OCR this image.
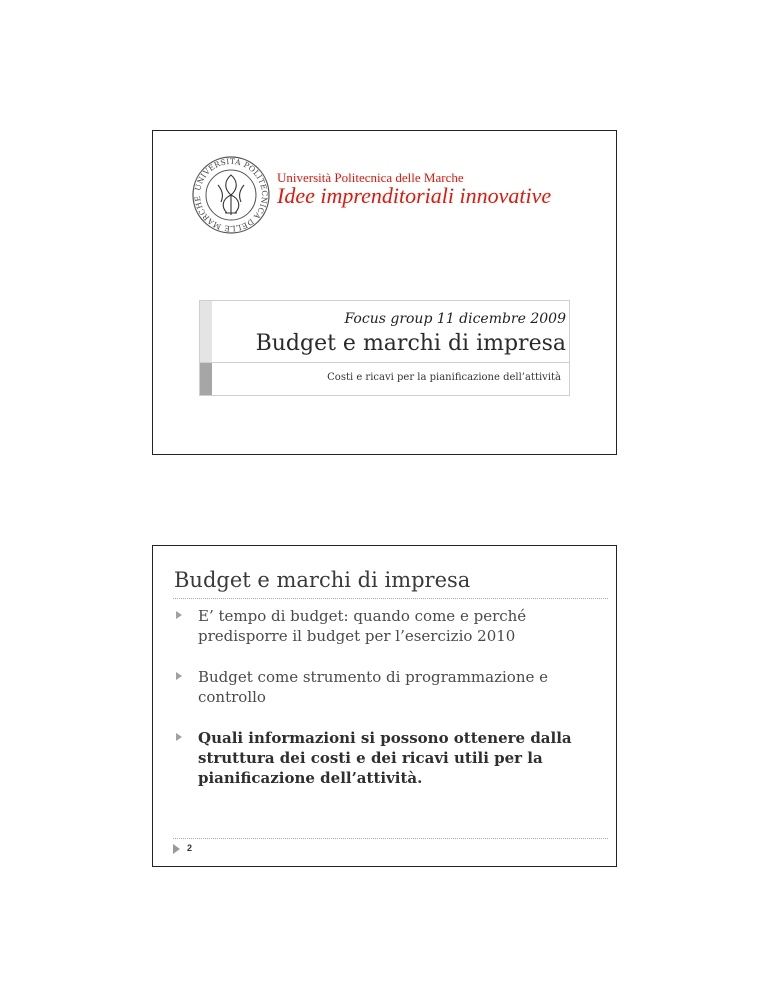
UNIVERSITÀ POLITECNICA DELLE MARCHE
Università Politecnica delle Marche
Idee imprenditoriali innovative
Focus group 11 dicembre 2009
Budget e marchi di impresa
Costi e ricavi per la pianificazione dell’attività
Budget e marchi di impresa
E’ tempo di budget: quando come e perché predisporre il budget per l’esercizio 2010
Budget come strumento di programmazione e controllo
Quali informazioni si possono ottenere dalla struttura dei costi e dei ricavi utili per la pianificazione dell’attività.
2
